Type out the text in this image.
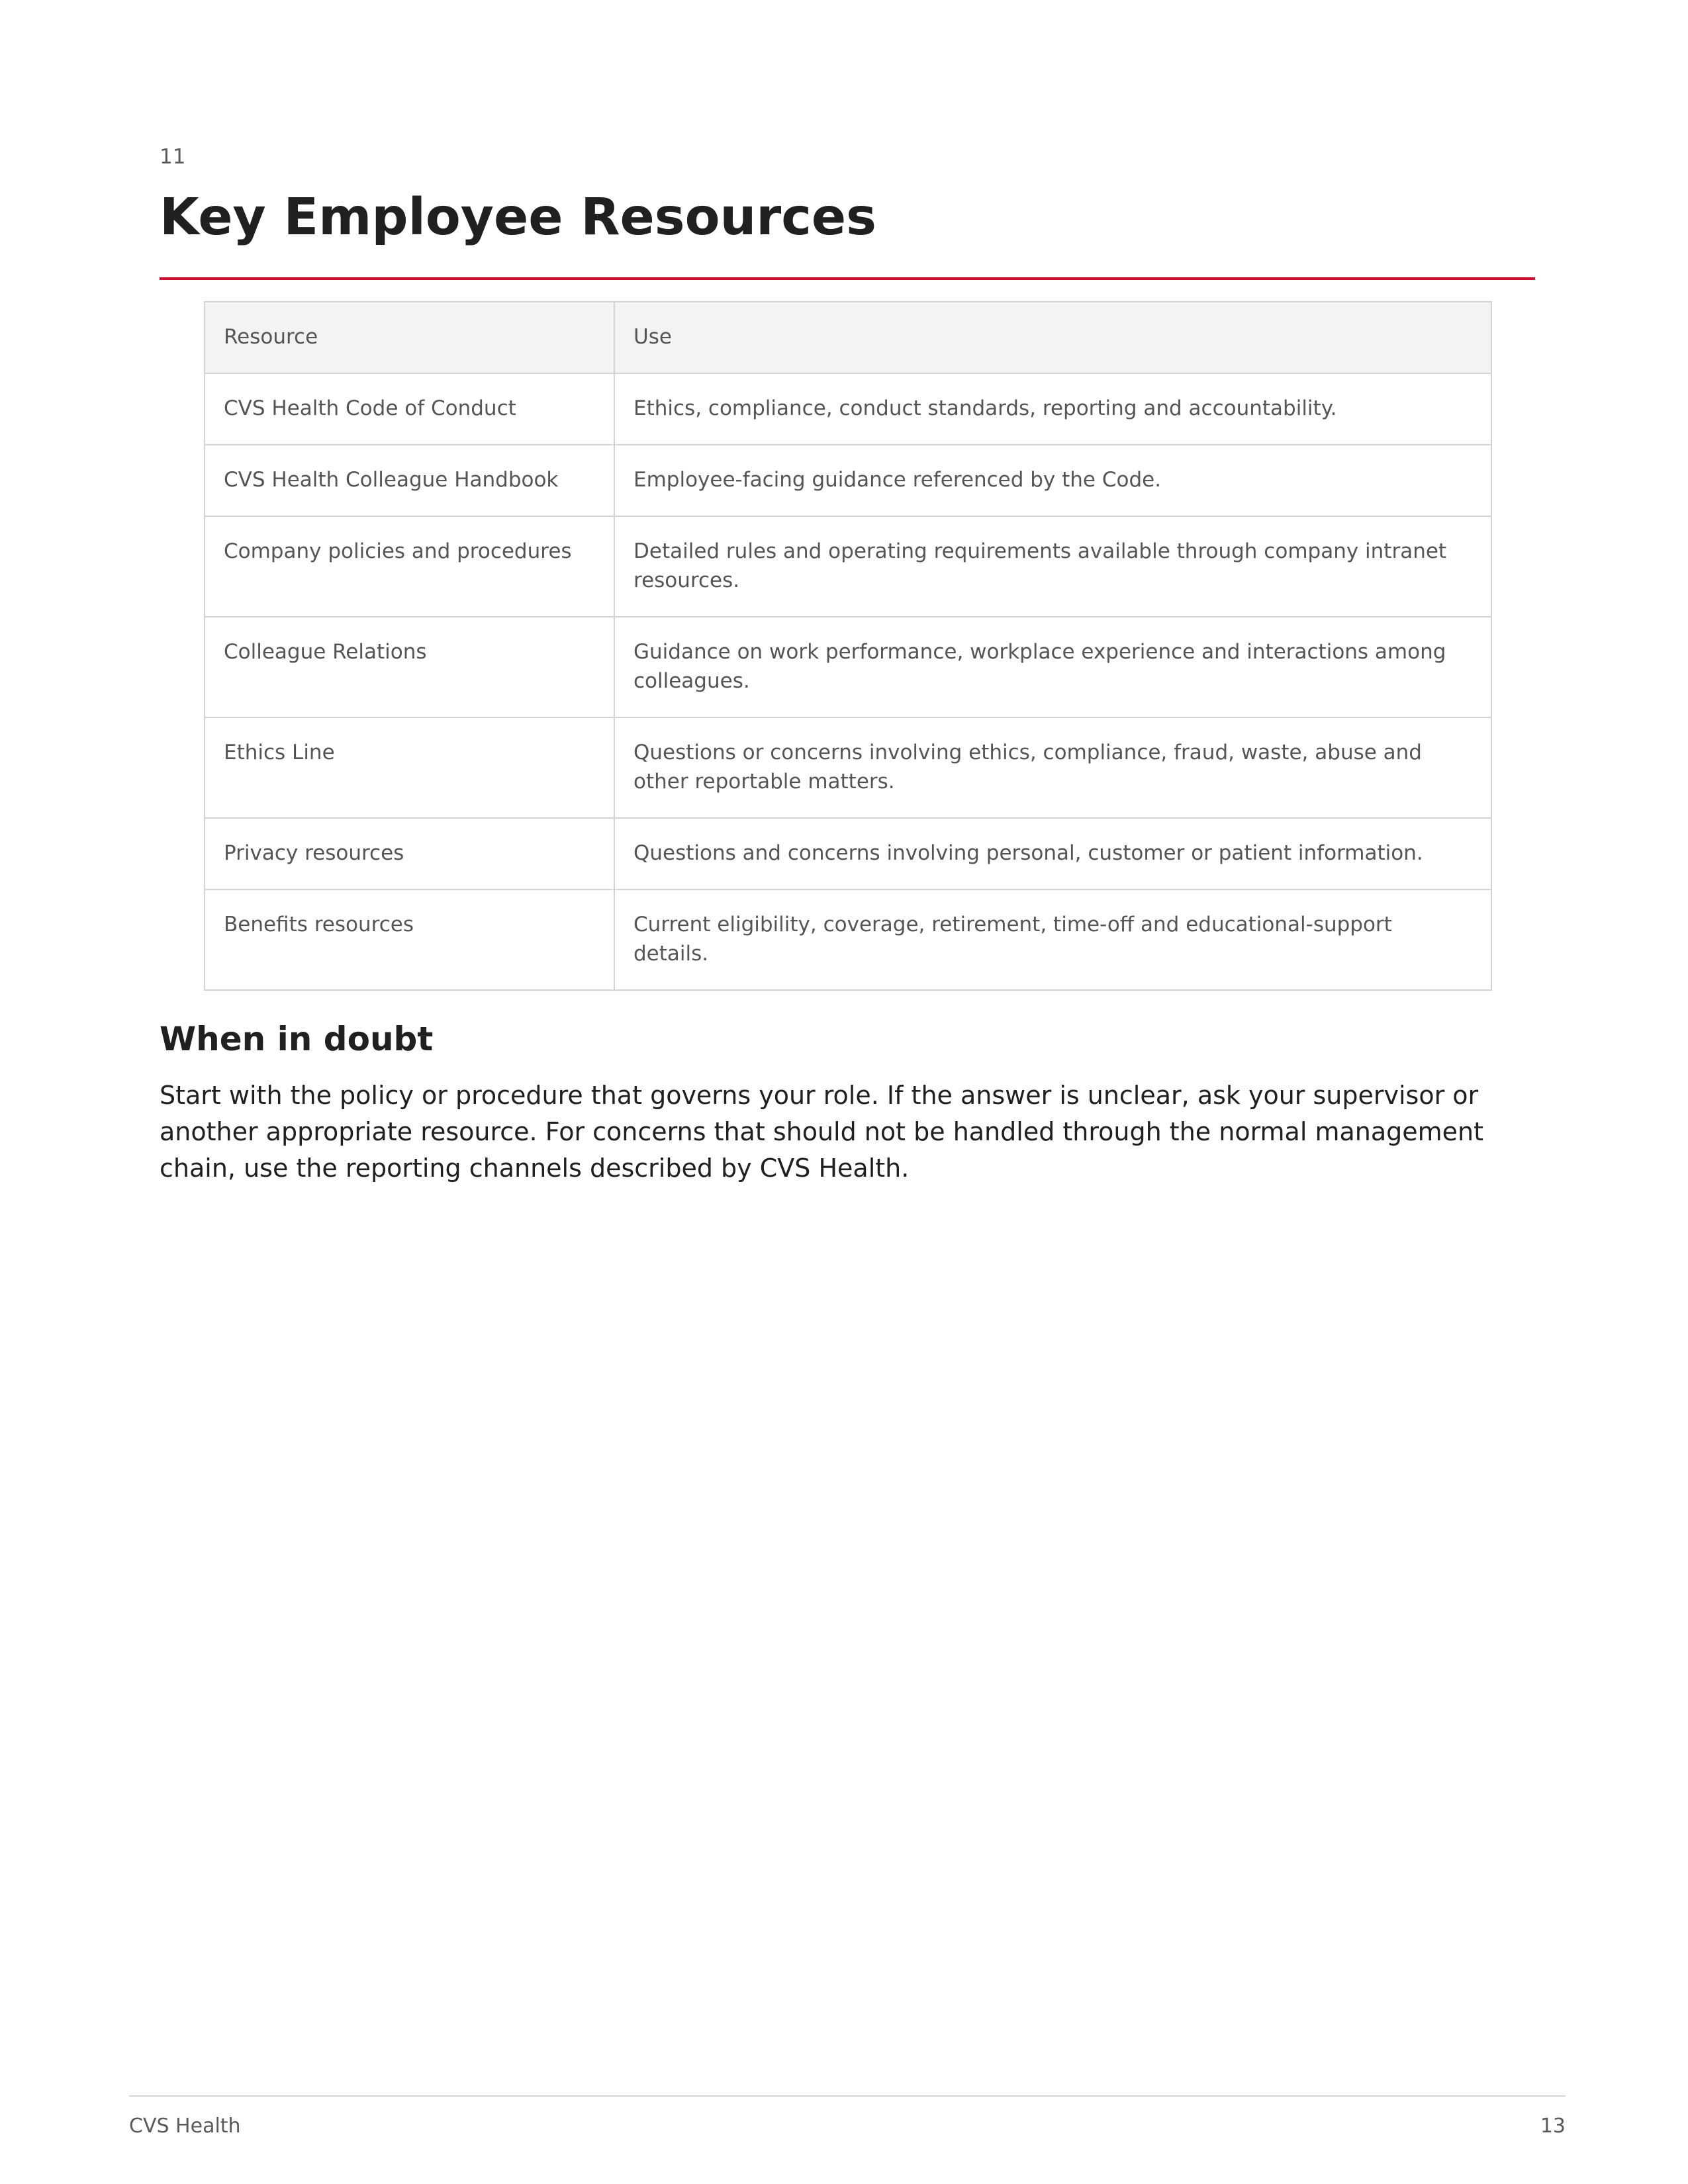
11
Key Employee Resources
Resource	Use
CVS Health Code of Conduct	Ethics, compliance, conduct standards, reporting and accountability.
CVS Health Colleague Handbook	Employee-facing guidance referenced by the Code.
Company policies and procedures	Detailed rules and operating requirements available through company intranet resources.
Colleague Relations	Guidance on work performance, workplace experience and interactions among colleagues.
Ethics Line	Questions or concerns involving ethics, compliance, fraud, waste, abuse and other reportable matters.
Privacy resources	Questions and concerns involving personal, customer or patient information.
Benefits resources	Current eligibility, coverage, retirement, time-off and educational-support details.
When in doubt

Start with the policy or procedure that governs your role. If the answer is unclear, ask your supervisor or another appropriate resource. For concerns that should not be handled through the normal management chain, use the reporting channels described by CVS Health.

CVS Health	13
